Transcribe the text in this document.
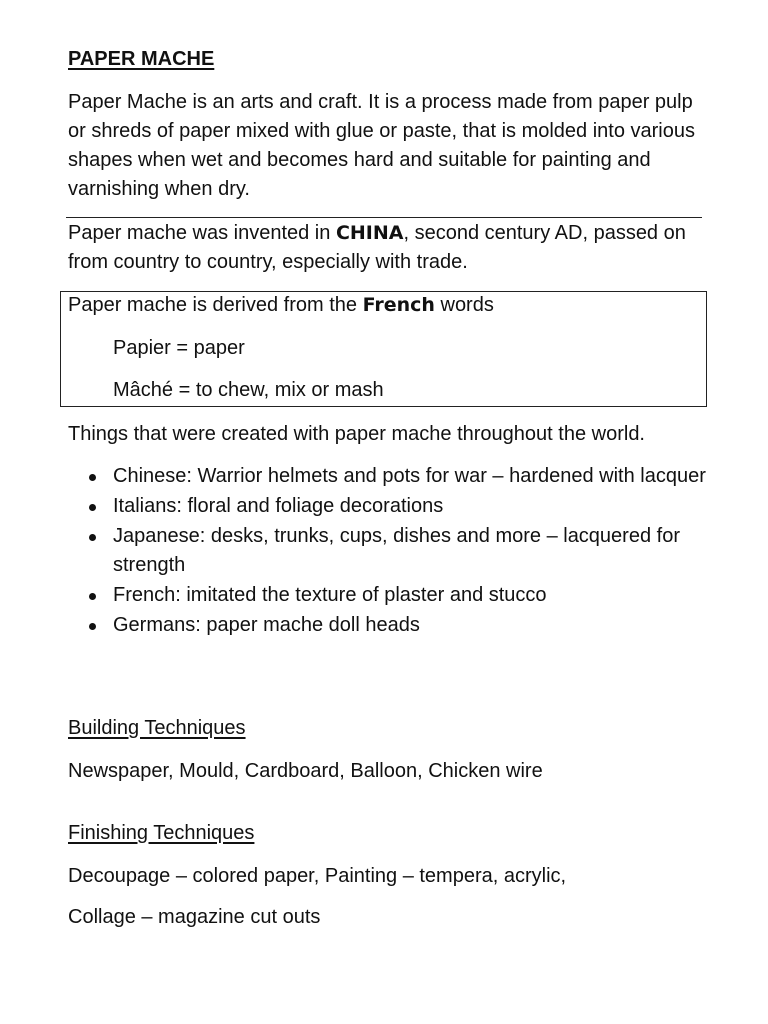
PAPER MACHE
Paper Mache is an arts and craft. It is a process made from paper pulp or shreds of paper mixed with glue or paste, that is molded into various shapes when wet and becomes hard and suitable for painting and varnishing when dry.
Paper mache was invented in CHINA, second century AD, passed on from country to country, especially with trade.
Paper mache is derived from the French words
Papier = paper
Mâché = to chew, mix or mash
Things that were created with paper mache throughout the world.
Chinese: Warrior helmets and pots for war – hardened with lacquer
Italians: floral and foliage decorations
Japanese: desks, trunks, cups, dishes and more – lacquered for strength
French: imitated the texture of plaster and stucco
Germans: paper mache doll heads
Building Techniques
Newspaper, Mould, Cardboard, Balloon, Chicken wire
Finishing Techniques
Decoupage – colored paper, Painting – tempera, acrylic,
Collage – magazine cut outs
